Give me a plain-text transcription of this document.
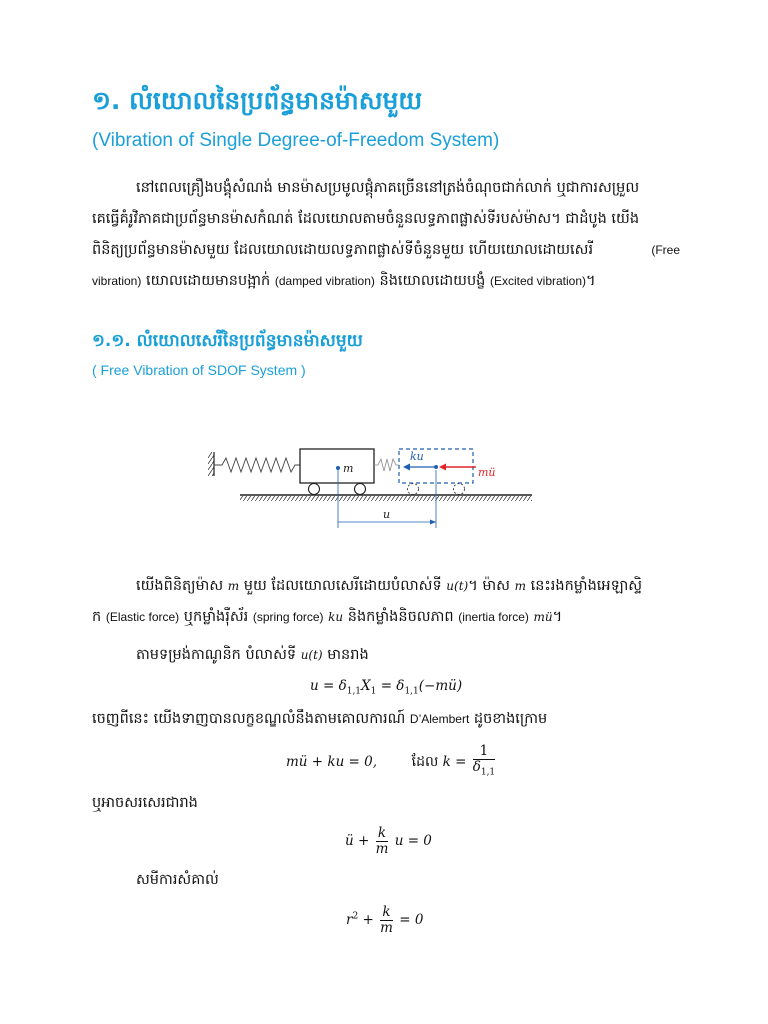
១. លំយោលនៃប្រព័ន្ធមានម៉ាសមួយ
(Vibration of Single Degree-of-Freedom System)
នៅពេលគ្រឿងបង្គុំសំណង់ មានម៉ាសប្រមូលផ្តុំភាគច្រើននៅត្រង់ចំណុចជាក់លាក់ ឬជាការសម្រួល
គេធ្វើគំរូវិភាគជាប្រព័ន្ធមានម៉ាសកំណត់ ដែលយោលតាមចំនួនលទ្ធភាពផ្លាស់ទីរបស់ម៉ាស។ ជាដំបូង យើង
ពិនិត្យប្រព័ន្ធមានម៉ាសមួយ ដែលយោលដោយលទ្ធភាពផ្លាស់ទីចំនួនមួយ ហើយយោលដោយសេរី	(Free
vibration) យោលដោយមានបង្អាក់ (damped vibration) និងយោលដោយបង្ខំ (Excited vibration)។
១.១. លំយោលសេរីនៃប្រព័ន្ធមានម៉ាសមួយ
( Free Vibration of SDOF System )
m
ku
mü
u
យើងពិនិត្យម៉ាស m មួយ ដែលយោលសេរីដោយបំលាស់ទី u(t)។ ម៉ាស m នេះរងកម្លាំងអេឡាស្ទិ
ក (Elastic force) ឬកម្លាំងរ៉ឺស័រ (spring force) ku និងកម្លាំងនិចលភាព (inertia force) mü។
តាមទម្រង់កាណូនិក បំលាស់ទី u(t) មានរាង
$u = \delta_{1,1}X_1$ = $\delta_{1,1}(-mü)$
ចេញពីនេះ យើងទាញបានលក្ខខណ្ឌលំនឹងតាមគោលការណ៍ D’Alembert ដូចខាងក្រោម
mü + ku = 0, ដែល $k = \frac{1}{\delta_{1,1}}$
ឬអាចសរសេរជារាង
ü + $\frac{k}{m}$ u = 0
សមីការសំគាល់
$r^2 + \frac{k}{m} = 0$
